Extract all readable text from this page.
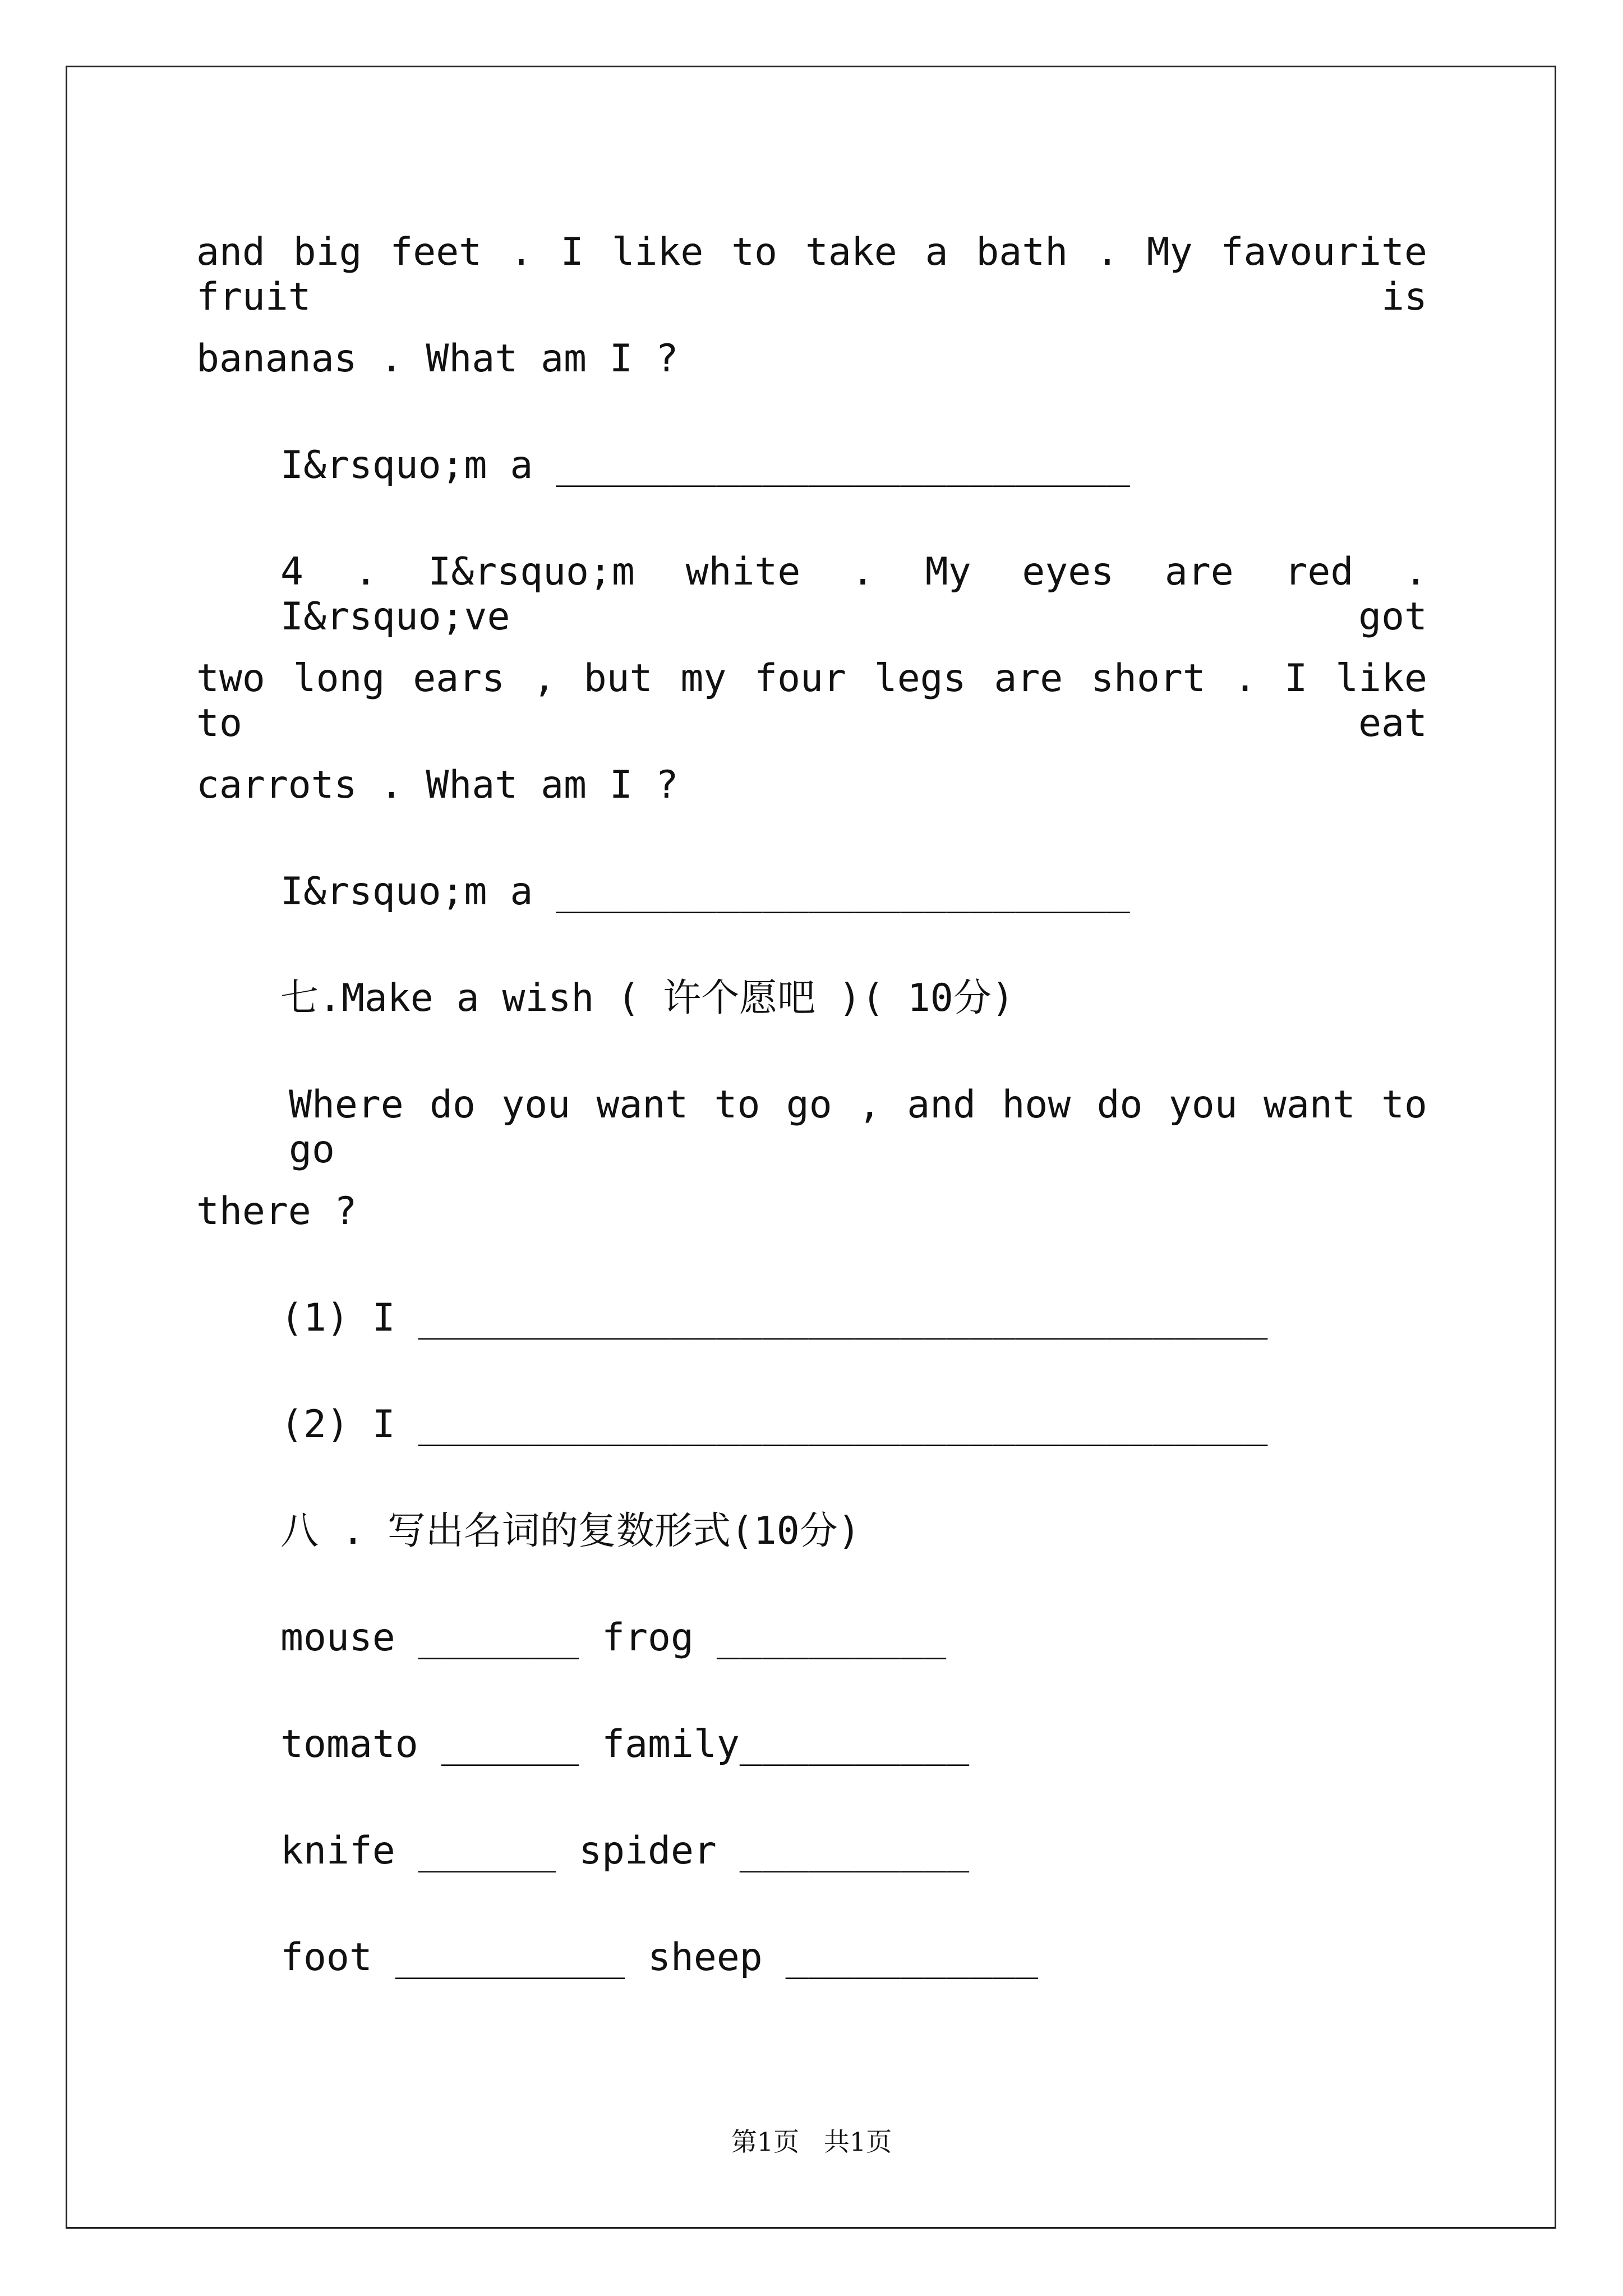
and big feet . I like to take a bath . My favourite fruit is
bananas . What am I ?
I&rsquo;m a _________________________
4 . I&rsquo;m white . My eyes are red . I&rsquo;ve got
two long ears , but my four legs are short . I like to eat
carrots . What am I ?
I&rsquo;m a _________________________
七.Make a wish ( 许个愿吧 )( 10分)
Where do you want to go , and how do you want to go
there ?
(1) I _____________________________________
(2) I _____________________________________
八 . 写出名词的复数形式(10分)
mouse _______ frog __________
tomato ______ family__________
knife ______ spider __________
foot __________ sheep ___________
第1页   共1页
